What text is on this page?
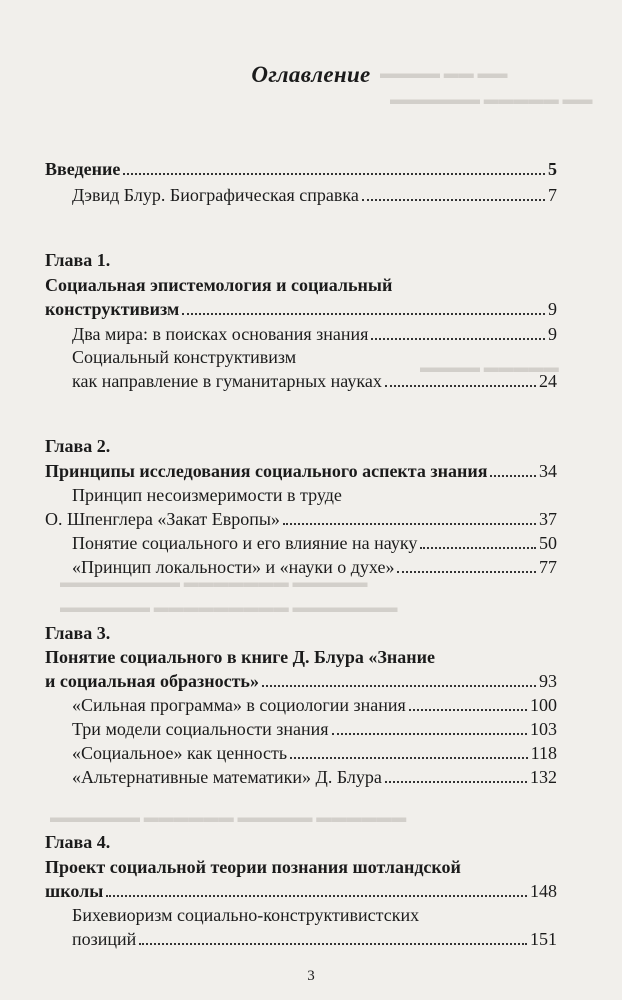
▬▬▬▬ ▬▬ ▬▬
▬▬▬▬▬▬ ▬▬▬▬▬ ▬▬
▬▬▬▬ ▬▬▬▬▬
▬▬▬▬▬▬▬▬ ▬▬▬▬▬▬▬ ▬▬▬▬▬
▬▬▬▬▬▬ ▬▬▬▬▬▬▬▬▬ ▬▬▬▬▬▬▬
▬▬▬▬▬▬ ▬▬▬▬▬▬ ▬▬▬▬▬ ▬▬▬▬▬▬
Оглавление
Введение	5
Дэвид Блур. Биографическая справка	7
Глава 1.
Социальная эпистемология и социальный
конструктивизм	9
Два мира: в поисках основания знания	9
Социальный конструктивизм
как направление в гуманитарных науках	24
Глава 2.
Принципы исследования социального аспекта знания	34
Принцип несоизмеримости в труде
О. Шпенглера «Закат Европы»	37
Понятие социального и его влияние на науку	50
«Принцип локальности» и «науки о духе»	77
Глава 3.
Понятие социального в книге Д. Блура «Знание
и социальная образность»	93
«Сильная программа» в социологии знания	100
Три модели социальности знания	103
«Социальное» как ценность	118
«Альтернативные математики» Д. Блура	132
Глава 4.
Проект социальной теории познания шотландской
школы	148
Бихевиоризм социально-конструктивистских
позиций	151
3
